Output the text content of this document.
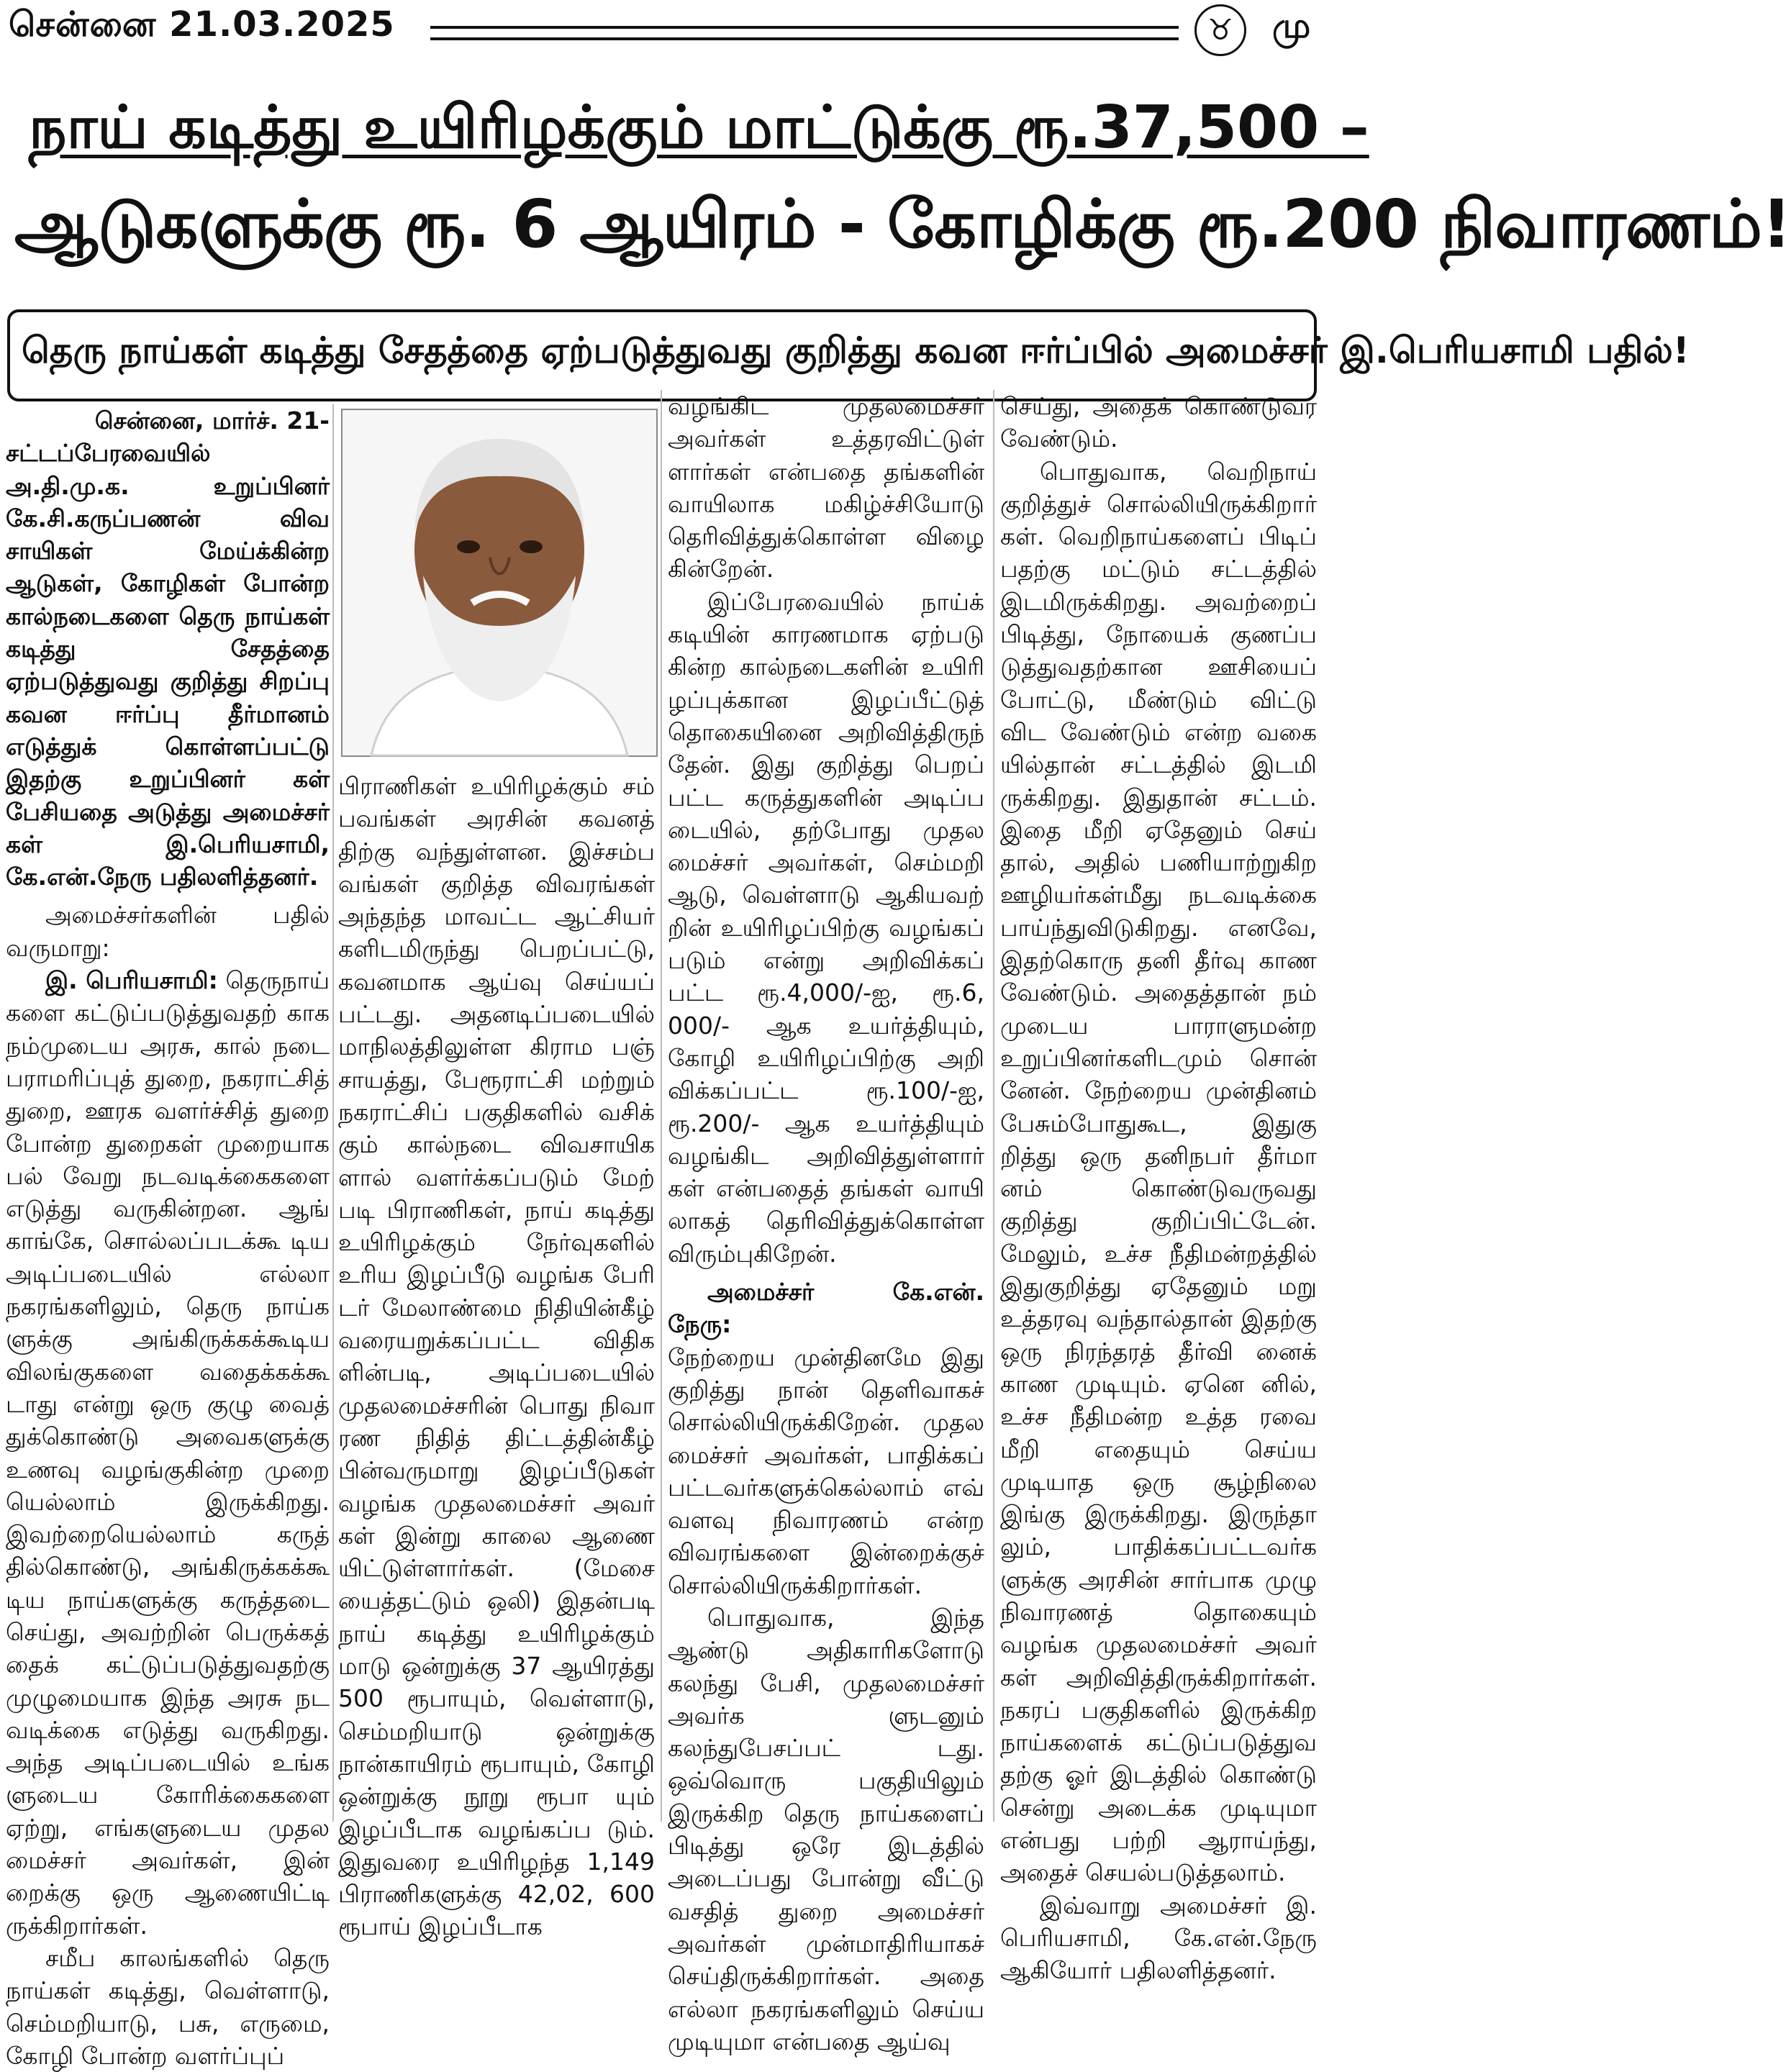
சென்னை 21.03.2025	♉	மு
நாய் கடித்து உயிரிழக்கும் மாட்டுக்கு ரூ.37,500 –
ஆடுகளுக்கு ரூ. 6 ஆயிரம் - கோழிக்கு ரூ.200 நிவாரணம்!
தெரு நாய்கள் கடித்து சேதத்தை ஏற்படுத்துவது குறித்து கவன ஈர்ப்பில் அமைச்சர் இ.பெரியசாமி பதில்!

சென்னை, மார்ச். 21-

சட்டப்பேரவையில் அ.தி.மு.க. உறுப்பினர் கே.சி.கருப்பணன் விவ சாயிகள் மேய்க்கின்ற ஆடுகள், கோழிகள் போன்ற கால்நடைகளை தெரு நாய்கள் கடித்து சேதத்தை ஏற்படுத்துவது குறித்து சிறப்பு கவன ஈர்ப்பு தீர்மானம் எடுத்துக் கொள்ளப்பட்டு இதற்கு உறுப்பினர் கள் பேசியதை அடுத்து அமைச்சர் கள் இ.பெரியசாமி, கே.என்.நேரு பதிலளித்தனர்.

அமைச்சர்களின் பதில் வருமாறு:

இ. பெரியசாமி: தெருநாய் களை கட்டுப்படுத்துவதற் காக நம்முடைய அரசு, கால் நடை பராமரிப்புத் துறை, நகராட்சித் துறை, ஊரக வளர்ச்சித் துறை போன்ற துறைகள் முறையாக பல் வேறு நடவடிக்கைகளை எடுத்து வருகின்றன. ஆங் காங்கே, சொல்லப்படக்கூ டிய அடிப்படையில் எல்லா நகரங்களிலும், தெரு நாய்க ளுக்கு அங்கிருக்கக்கூடிய விலங்குகளை வதைக்கக்கூ டாது என்று ஒரு குழு வைத் துக்கொண்டு அவைகளுக்கு உணவு வழங்குகின்ற முறை யெல்லாம் இருக்கிறது. இவற்றையெல்லாம் கருத் தில்கொண்டு, அங்கிருக்கக்கூ டிய நாய்களுக்கு கருத்தடை செய்து, அவற்றின் பெருக்கத் தைக் கட்டுப்படுத்துவதற்கு முழுமையாக இந்த அரசு நட வடிக்கை எடுத்து வருகிறது. அந்த அடிப்படையில் உங்க ளுடைய கோரிக்கைகளை ஏற்று, எங்களுடைய முதல மைச்சர் அவர்கள், இன் றைக்கு ஒரு ஆணையிட்டி ருக்கிறார்கள்.

சமீப காலங்களில் தெரு நாய்கள் கடித்து, வெள்ளாடு, செம்மறியாடு, பசு, எருமை, கோழி போன்ற வளர்ப்புப்

பிராணிகள் உயிரிழக்கும் சம் பவங்கள் அரசின் கவனத் திற்கு வந்துள்ளன. இச்சம்ப வங்கள் குறித்த விவரங்கள் அந்தந்த மாவட்ட ஆட்சியர் களிடமிருந்து பெறப்பட்டு, கவனமாக ஆய்வு செய்யப் பட்டது. அதனடிப்படையில் மாநிலத்திலுள்ள கிராம பஞ் சாயத்து, பேரூராட்சி மற்றும் நகராட்சிப் பகுதிகளில் வசிக் கும் கால்நடை விவசாயிக ளால் வளர்க்கப்படும் மேற் படி பிராணிகள், நாய் கடித்து உயிரிழக்கும் நேர்வுகளில் உரிய இழப்பீடு வழங்க பேரி டர் மேலாண்மை நிதியின்கீழ் வரையறுக்கப்பட்ட விதிக ளின்படி, அடிப்படையில் முதலமைச்சரின் பொது நிவா ரண நிதித் திட்டத்தின்கீழ் பின்வருமாறு இழப்பீடுகள் வழங்க முதலமைச்சர் அவர் கள் இன்று காலை ஆணை யிட்டுள்ளார்கள். (மேசை யைத்தட்டும் ஒலி) இதன்படி நாய் கடித்து உயிரிழக்கும் மாடு ஒன்றுக்கு 37 ஆயிரத்து 500 ரூபாயும், வெள்ளாடு, செம்மறியாடு ஒன்றுக்கு நான்காயிரம் ரூபாயும், கோழி ஒன்றுக்கு நூறு ரூபா யும் இழப்பீடாக வழங்கப்ப டும். இதுவரை உயிரிழந்த 1,149 பிராணிகளுக்கு 42,02, 600 ரூபாய் இழப்பீடாக

வழங்கிட முதலமைச்சர் அவர்கள் உத்தரவிட்டுள் ளார்கள் என்பதை தங்களின் வாயிலாக மகிழ்ச்சியோடு தெரிவித்துக்கொள்ள விழை கின்றேன்.

இப்பேரவையில் நாய்க் கடியின் காரணமாக ஏற்படு கின்ற கால்நடைகளின் உயிரி ழப்புக்கான இழப்பீட்டுத் தொகையினை அறிவித்திருந் தேன். இது குறித்து பெறப் பட்ட கருத்துகளின் அடிப்ப டையில், தற்போது முதல மைச்சர் அவர்கள், செம்மறி ஆடு, வெள்ளாடு ஆகியவற் றின் உயிரிழப்பிற்கு வழங்கப் படும் என்று அறிவிக்கப் பட்ட ரூ.4,000/-ஐ, ரூ.6, 000/- ஆக உயர்த்தியும், கோழி உயிரிழப்பிற்கு அறி விக்கப்பட்ட ரூ.100/-ஐ, ரூ.200/- ஆக உயர்த்தியும் வழங்கிட அறிவித்துள்ளார் கள் என்பதைத் தங்கள் வாயி லாகத் தெரிவித்துக்கொள்ள விரும்புகிறேன்.

அமைச்சர் கே.என். நேரு:

நேற்றைய முன்தினமே இது குறித்து நான் தெளிவாகச் சொல்லியிருக்கிறேன். முதல மைச்சர் அவர்கள், பாதிக்கப் பட்டவர்களுக்கெல்லாம் எவ் வளவு நிவாரணம் என்ற விவரங்களை இன்றைக்குச் சொல்லியிருக்கிறார்கள்.

பொதுவாக, இந்த ஆண்டு அதிகாரிகளோடு கலந்து பேசி, முதலமைச்சர் அவர்க ளுடனும் கலந்துபேசப்பட் டது. ஒவ்வொரு பகுதியிலும் இருக்கிற தெரு நாய்களைப் பிடித்து ஒரே இடத்தில் அடைப்பது போன்று வீட்டு வசதித் துறை அமைச்சர் அவர்கள் முன்மாதிரியாகச் செய்திருக்கிறார்கள். அதை எல்லா நகரங்களிலும் செய்ய முடியுமா என்பதை ஆய்வு

செய்து, அதைக் கொண்டுவர வேண்டும்.

பொதுவாக, வெறிநாய் குறித்துச் சொல்லியிருக்கிறார் கள். வெறிநாய்களைப் பிடிப் பதற்கு மட்டும் சட்டத்தில் இடமிருக்கிறது. அவற்றைப் பிடித்து, நோயைக் குணப்ப டுத்துவதற்கான ஊசியைப் போட்டு, மீண்டும் விட்டு விட வேண்டும் என்ற வகை யில்தான் சட்டத்தில் இடமி ருக்கிறது. இதுதான் சட்டம். இதை மீறி ஏதேனும் செய் தால், அதில் பணியாற்றுகிற ஊழியர்கள்மீது நடவடிக்கை பாய்ந்துவிடுகிறது. எனவே, இதற்கொரு தனி தீர்வு காண வேண்டும். அதைத்தான் நம் முடைய பாராளுமன்ற உறுப்பினர்களிடமும் சொன் னேன். நேற்றைய முன்தினம் பேசும்போதுகூட, இதுகு றித்து ஒரு தனிநபர் தீர்மா னம் கொண்டுவருவது குறித்து குறிப்பிட்டேன். மேலும், உச்ச நீதிமன்றத்தில் இதுகுறித்து ஏதேனும் மறு உத்தரவு வந்தால்தான் இதற்கு ஒரு நிரந்தரத் தீர்வி னைக் காண முடியும். ஏனெ னில், உச்ச நீதிமன்ற உத்த ரவை மீறி எதையும் செய்ய முடியாத ஒரு சூழ்நிலை இங்கு இருக்கிறது. இருந்தா லும், பாதிக்கப்பட்டவர்க ளுக்கு அரசின் சார்பாக முழு நிவாரணத் தொகையும் வழங்க முதலமைச்சர் அவர் கள் அறிவித்திருக்கிறார்கள். நகரப் பகுதிகளில் இருக்கிற நாய்களைக் கட்டுப்படுத்துவ தற்கு ஓர் இடத்தில் கொண்டு சென்று அடைக்க முடியுமா என்பது பற்றி ஆராய்ந்து, அதைச் செயல்படுத்தலாம்.

இவ்வாறு அமைச்சர் இ. பெரியசாமி, கே.என்.நேரு ஆகியோர் பதிலளித்தனர்.
